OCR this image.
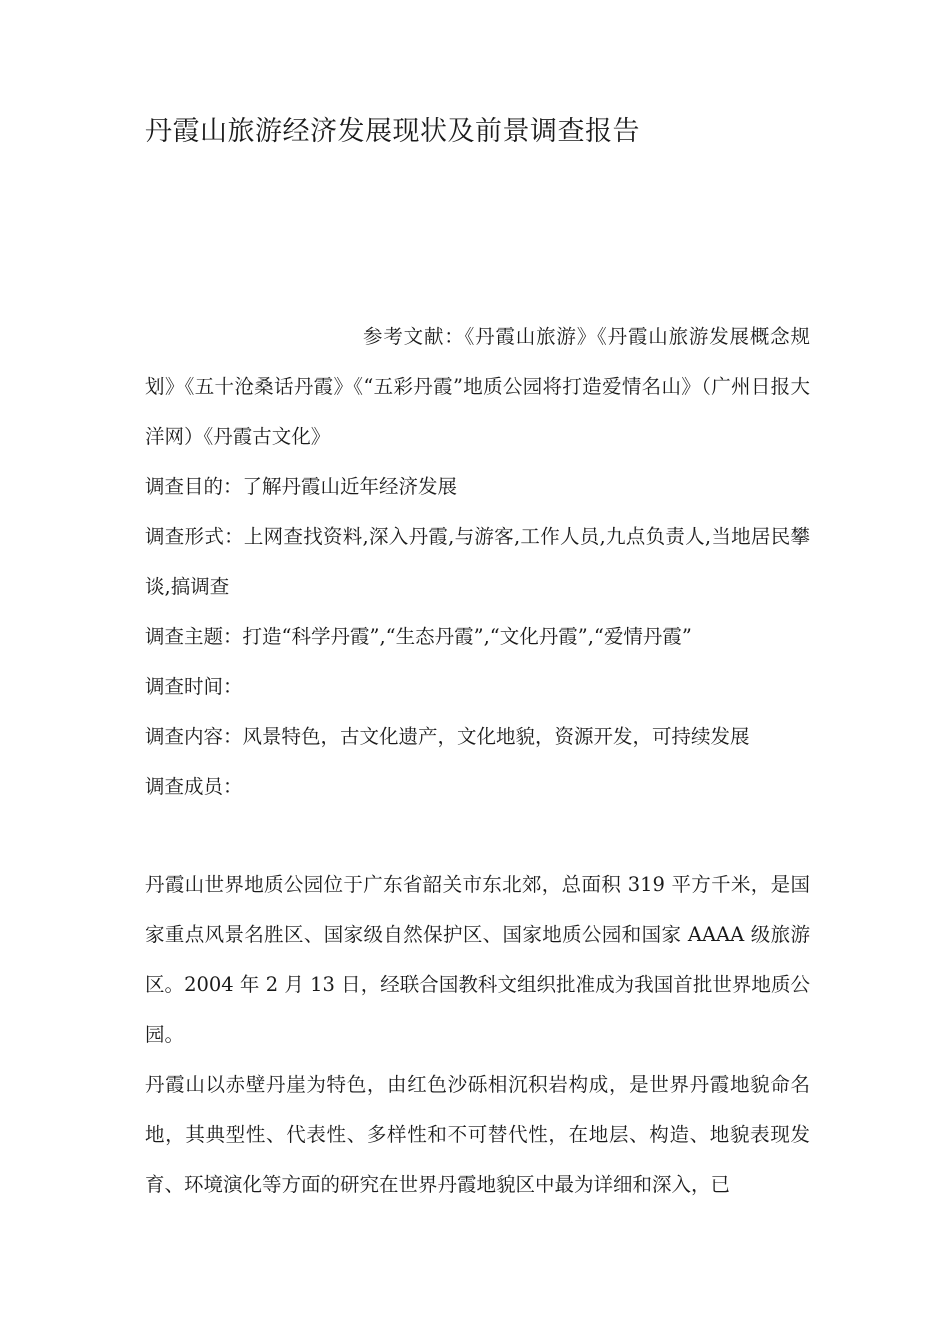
丹霞山旅游经济发展现状及前景调查报告

参考文献：《丹霞山旅游》《丹霞山旅游发展概念规划》《五十沧桑话丹霞》《“五彩丹霞”地质公园将打造爱情名山》（广州日报大洋网）《丹霞古文化》

调查目的：了解丹霞山近年经济发展

调查形式：上网查找资料,深入丹霞,与游客,工作人员,九点负责人,当地居民攀谈,搞调查

调查主题：打造“科学丹霞”,“生态丹霞”,“文化丹霞”,“爱情丹霞”

调查时间：

调查内容：风景特色，古文化遗产，文化地貌，资源开发，可持续发展

调查成员：

丹霞山世界地质公园位于广东省韶关市东北郊，总面积 319 平方千米，是国家重点风景名胜区、国家级自然保护区、国家地质公园和国家 AAAA 级旅游区。2004 年 2 月 13 日，经联合国教科文组织批准成为我国首批世界地质公园。

丹霞山以赤壁丹崖为特色，由红色沙砾相沉积岩构成，是世界丹霞地貌命名地，其典型性、代表性、多样性和不可替代性，在地层、构造、地貌表现发育、环境演化等方面的研究在世界丹霞地貌区中最为详细和深入，已
